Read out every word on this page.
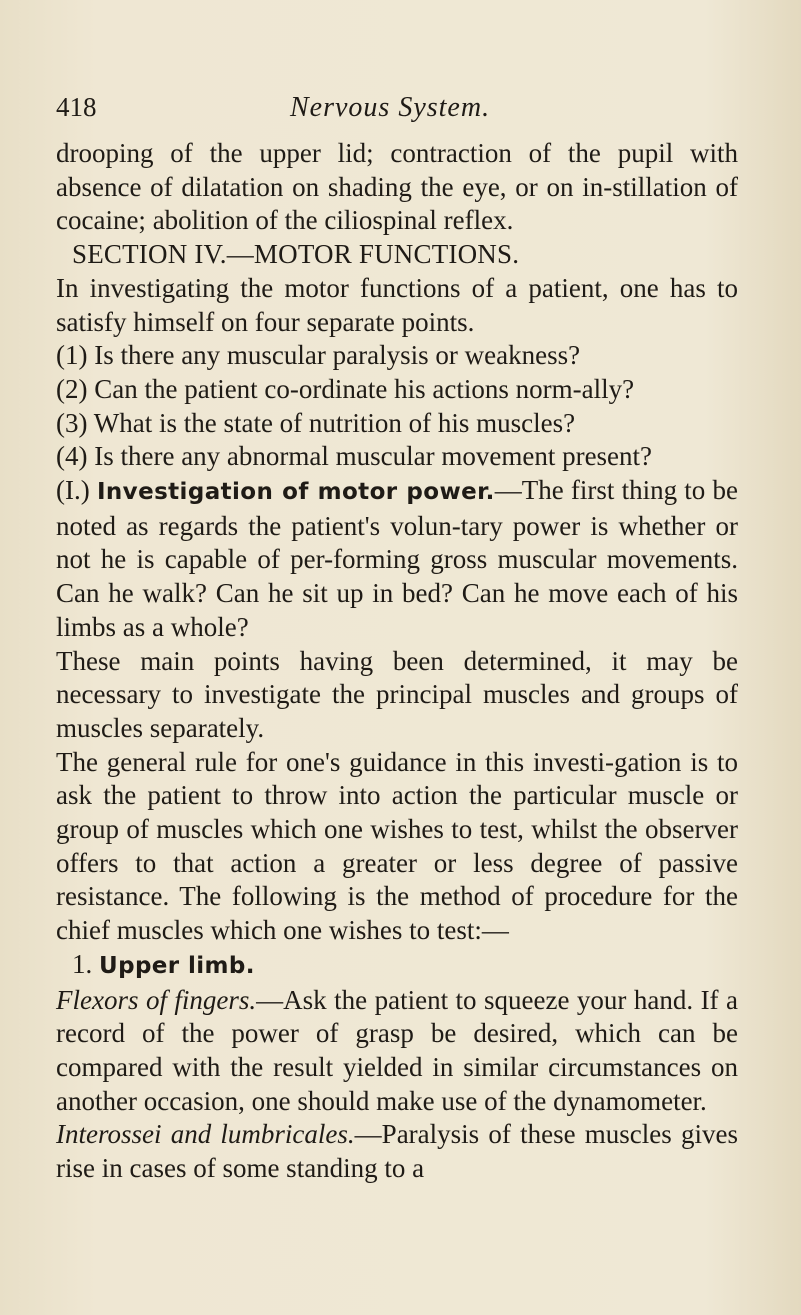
418	Nervous System.

drooping of the upper lid; contraction of the pupil with absence of dilatation on shading the eye, or on in-stillation of cocaine; abolition of the ciliospinal reflex.

SECTION IV.—MOTOR FUNCTIONS.

In investigating the motor functions of a patient, one has to satisfy himself on four separate points.

(1) Is there any muscular paralysis or weakness?

(2) Can the patient co-ordinate his actions norm-ally?

(3) What is the state of nutrition of his muscles?

(4) Is there any abnormal muscular movement present?

(I.) Investigation of motor power.—The first thing to be noted as regards the patient's volun-tary power is whether or not he is capable of per-forming gross muscular movements. Can he walk? Can he sit up in bed? Can he move each of his limbs as a whole?

These main points having been determined, it may be necessary to investigate the principal muscles and groups of muscles separately.

The general rule for one's guidance in this investi-gation is to ask the patient to throw into action the particular muscle or group of muscles which one wishes to test, whilst the observer offers to that action a greater or less degree of passive resistance. The following is the method of procedure for the chief muscles which one wishes to test:—

1. Upper limb.

Flexors of fingers.—Ask the patient to squeeze your hand. If a record of the power of grasp be desired, which can be compared with the result yielded in similar circumstances on another occasion, one should make use of the dynamometer.

Interossei and lumbricales.—Paralysis of these muscles gives rise in cases of some standing to a
